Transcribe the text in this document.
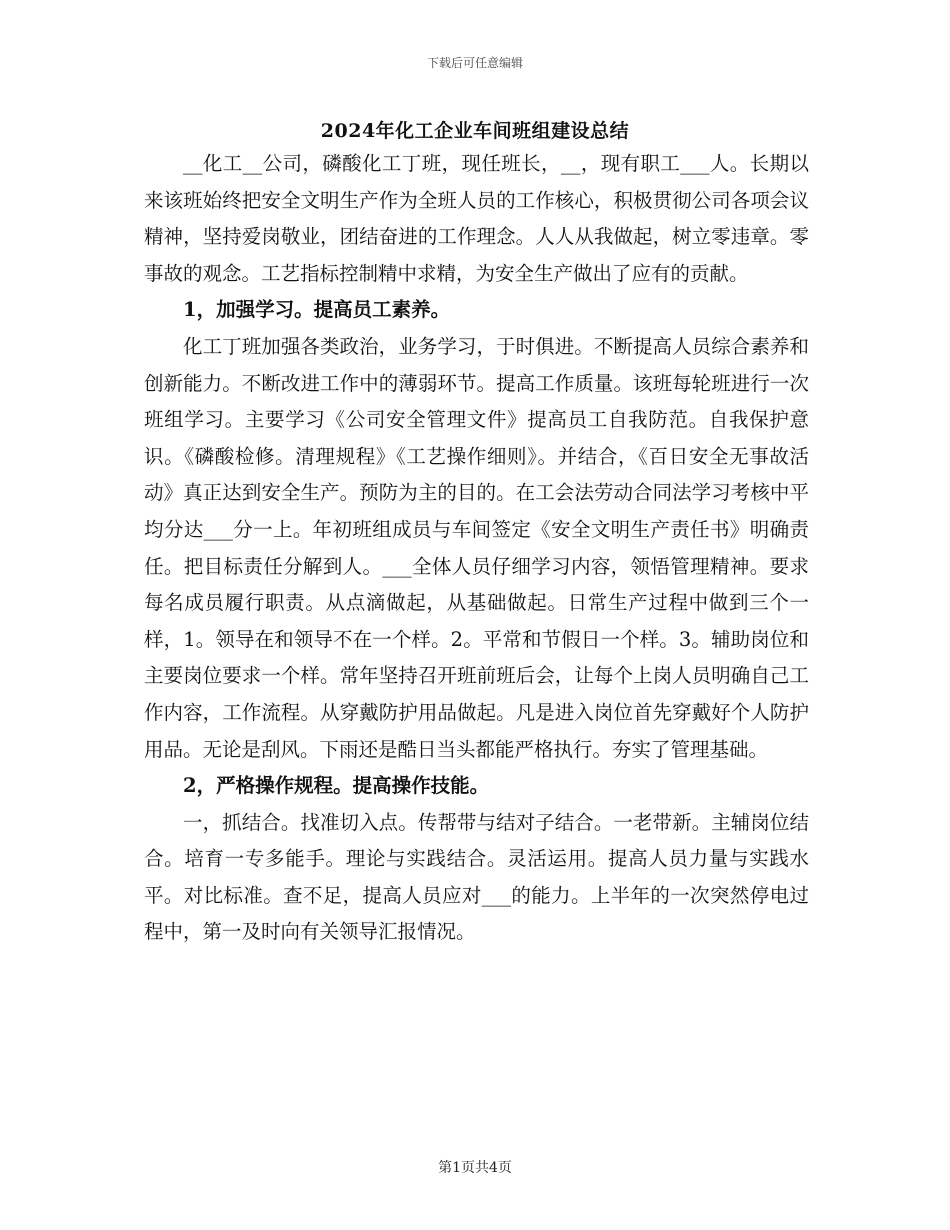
下载后可任意编辑
2024年化工企业车间班组建设总结

__化工__公司，磷酸化工丁班，现任班长，__，现有职工___人。长期以来该班始终把安全文明生产作为全班人员的工作核心，积极贯彻公司各项会议精神，坚持爱岗敬业，团结奋进的工作理念。人人从我做起，树立零违章。零事故的观念。工艺指标控制精中求精，为安全生产做出了应有的贡献。

1，加强学习。提高员工素养。

化工丁班加强各类政治，业务学习，于时俱进。不断提高人员综合素养和创新能力。不断改进工作中的薄弱环节。提高工作质量。该班每轮班进行一次班组学习。主要学习《公司安全管理文件》提高员工自我防范。自我保护意识。《磷酸检修。清理规程》《工艺操作细则》。并结合，《百日安全无事故活动》真正达到安全生产。预防为主的目的。在工会法劳动合同法学习考核中平均分达___分一上。年初班组成员与车间签定《安全文明生产责任书》明确责任。把目标责任分解到人。___全体人员仔细学习内容，领悟管理精神。要求每名成员履行职责。从点滴做起，从基础做起。日常生产过程中做到三个一样，1。领导在和领导不在一个样。2。平常和节假日一个样。3。辅助岗位和主要岗位要求一个样。常年坚持召开班前班后会，让每个上岗人员明确自己工作内容，工作流程。从穿戴防护用品做起。凡是进入岗位首先穿戴好个人防护用品。无论是刮风。下雨还是酷日当头都能严格执行。夯实了管理基础。

2，严格操作规程。提高操作技能。

一，抓结合。找准切入点。传帮带与结对子结合。一老带新。主辅岗位结合。培育一专多能手。理论与实践结合。灵活运用。提高人员力量与实践水平。对比标准。查不足，提高人员应对___的能力。上半年的一次突然停电过程中，第一及时向有关领导汇报情况。

第1页共4页
